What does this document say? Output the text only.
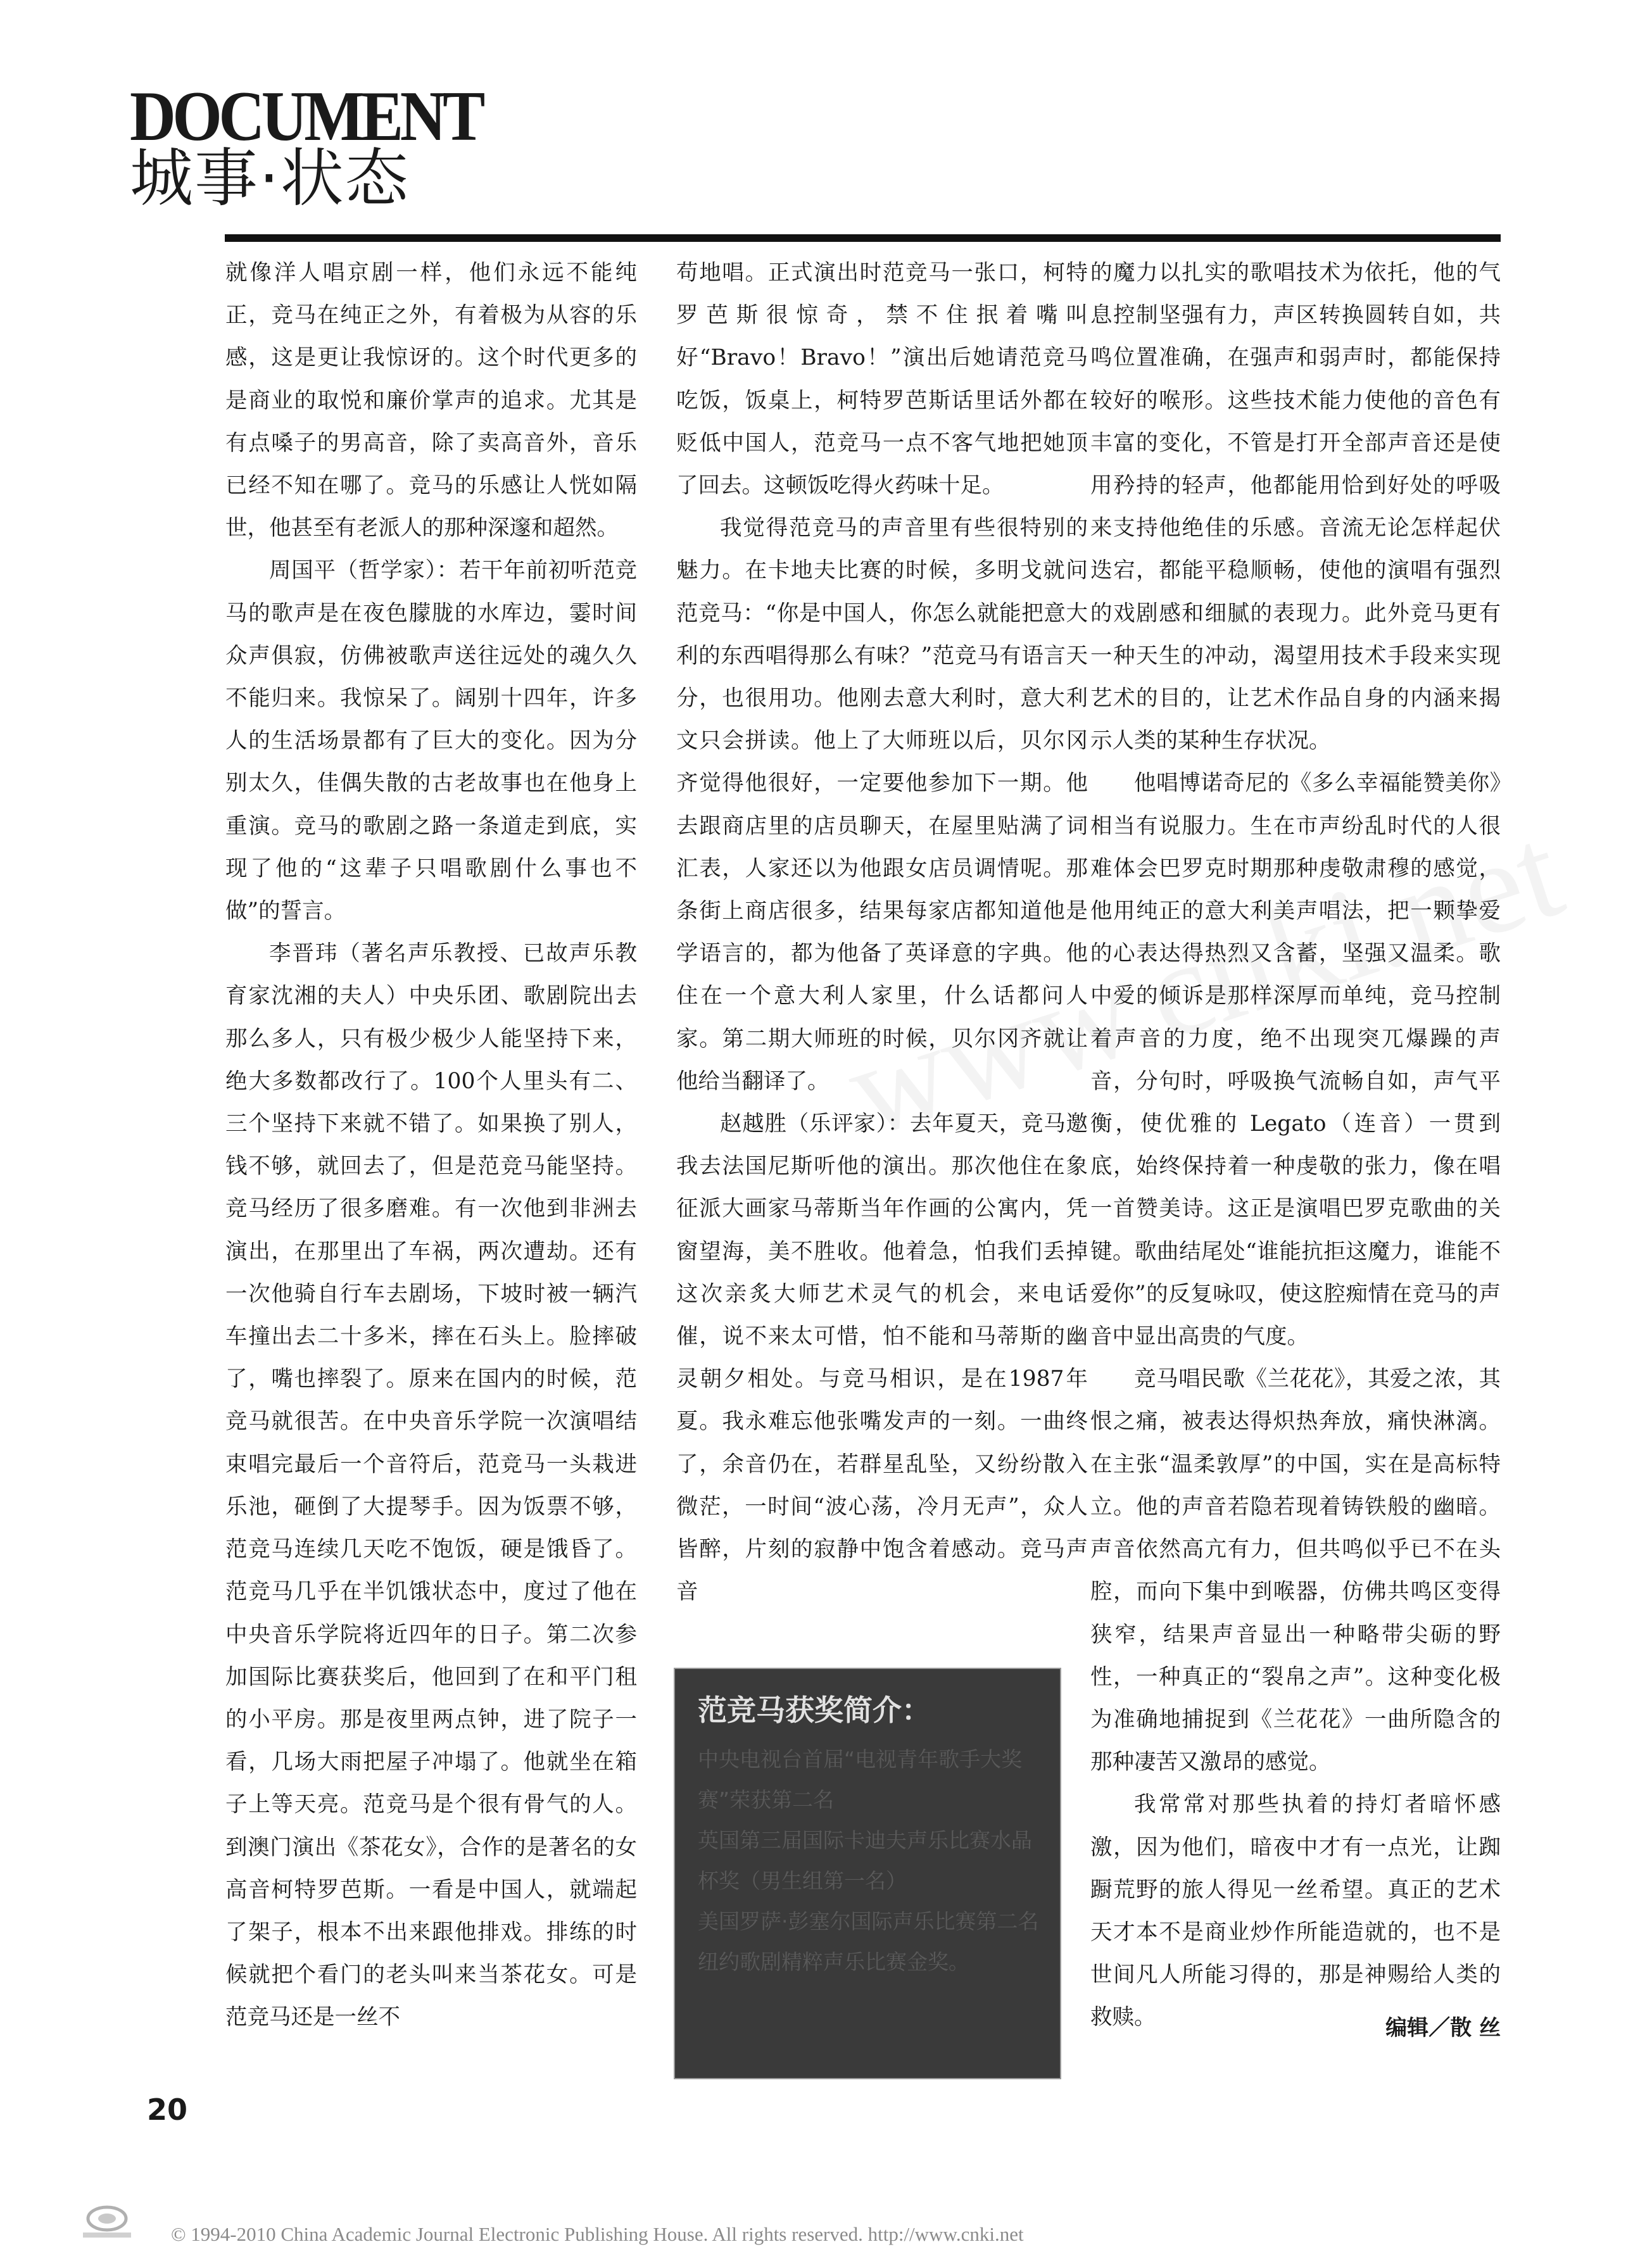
DOCUMENT
城事·状态

就像洋人唱京剧一样，他们永远不能纯正，竞马在纯正之外，有着极为从容的乐感，这是更让我惊讶的。这个时代更多的是商业的取悦和廉价掌声的追求。尤其是有点嗓子的男高音，除了卖高音外，音乐已经不知在哪了。竞马的乐感让人恍如隔世，他甚至有老派人的那种深邃和超然。

周国平（哲学家）：若干年前初听范竞马的歌声是在夜色朦胧的水库边，霎时间众声俱寂，仿佛被歌声送往远处的魂久久不能归来。我惊呆了。阔别十四年，许多人的生活场景都有了巨大的变化。因为分别太久，佳偶失散的古老故事也在他身上重演。竞马的歌剧之路一条道走到底，实现了他的“这辈子只唱歌剧什么事也不做”的誓言。

李晋玮（著名声乐教授、已故声乐教育家沈湘的夫人）中央乐团、歌剧院出去那么多人，只有极少极少人能坚持下来，绝大多数都改行了。100个人里头有二、三个坚持下来就不错了。如果换了别人，钱不够，就回去了，但是范竞马能坚持。竞马经历了很多磨难。有一次他到非洲去演出，在那里出了车祸，两次遭劫。还有一次他骑自行车去剧场，下坡时被一辆汽车撞出去二十多米，摔在石头上。脸摔破了，嘴也摔裂了。原来在国内的时候，范竞马就很苦。在中央音乐学院一次演唱结束唱完最后一个音符后，范竞马一头栽进乐池，砸倒了大提琴手。因为饭票不够，范竞马连续几天吃不饱饭，硬是饿昏了。范竞马几乎在半饥饿状态中，度过了他在中央音乐学院将近四年的日子。第二次参加国际比赛获奖后，他回到了在和平门租的小平房。那是夜里两点钟，进了院子一看，几场大雨把屋子冲塌了。他就坐在箱子上等天亮。范竞马是个很有骨气的人。到澳门演出《茶花女》，合作的是著名的女高音柯特罗芭斯。一看是中国人，就端起了架子，根本不出来跟他排戏。排练的时候就把个看门的老头叫来当茶花女。可是范竞马还是一丝不

苟地唱。正式演出时范竞马一张口，柯特罗芭斯很惊奇，禁不住抿着嘴叫好“Bravo！Bravo！”演出后她请范竞马吃饭，饭桌上，柯特罗芭斯话里话外都在贬低中国人，范竞马一点不客气地把她顶了回去。这顿饭吃得火药味十足。

我觉得范竞马的声音里有些很特别的魅力。在卡地夫比赛的时候，多明戈就问范竞马：“你是中国人，你怎么就能把意大利的东西唱得那么有味？”范竞马有语言天分，也很用功。他刚去意大利时，意大利文只会拼读。他上了大师班以后，贝尔冈齐觉得他很好，一定要他参加下一期。他去跟商店里的店员聊天，在屋里贴满了词汇表，人家还以为他跟女店员调情呢。那条街上商店很多，结果每家店都知道他是学语言的，都为他备了英译意的字典。他住在一个意大利人家里，什么话都问人家。第二期大师班的时候，贝尔冈齐就让他给当翻译了。

赵越胜（乐评家）：去年夏天，竞马邀我去法国尼斯听他的演出。那次他住在象征派大画家马蒂斯当年作画的公寓内，凭窗望海，美不胜收。他着急，怕我们丢掉这次亲炙大师艺术灵气的机会，来电话催，说不来太可惜，怕不能和马蒂斯的幽灵朝夕相处。与竞马相识，是在1987年夏。我永难忘他张嘴发声的一刻。一曲终了，余音仍在，若群星乱坠，又纷纷散入微茫，一时间“波心荡，冷月无声”，众人皆醉，片刻的寂静中饱含着感动。竞马声音

范竞马获奖简介：
中央电视台首届“电视青年歌手大奖赛”荣获第二名
英国第三届国际卡迪夫声乐比赛水晶杯奖（男生组第一名）
美国罗萨·彭塞尔国际声乐比赛第二名
纽约歌剧精粹声乐比赛金奖。

的魔力以扎实的歌唱技术为依托，他的气息控制坚强有力，声区转换圆转自如，共鸣位置准确，在强声和弱声时，都能保持较好的喉形。这些技术能力使他的音色有丰富的变化，不管是打开全部声音还是使用矜持的轻声，他都能用恰到好处的呼吸来支持他绝佳的乐感。音流无论怎样起伏迭宕，都能平稳顺畅，使他的演唱有强烈的戏剧感和细腻的表现力。此外竞马更有一种天生的冲动，渴望用技术手段来实现艺术的目的，让艺术作品自身的内涵来揭示人类的某种生存状况。

他唱博诺奇尼的《多么幸福能赞美你》相当有说服力。生在市声纷乱时代的人很难体会巴罗克时期那种虔敬肃穆的感觉，他用纯正的意大利美声唱法，把一颗挚爱的心表达得热烈又含蓄，坚强又温柔。歌中爱的倾诉是那样深厚而单纯，竞马控制着声音的力度，绝不出现突兀爆躁的声音，分句时，呼吸换气流畅自如，声气平衡，使优雅的 Legato（连音）一贯到底，始终保持着一种虔敬的张力，像在唱一首赞美诗。这正是演唱巴罗克歌曲的关键。歌曲结尾处“谁能抗拒这魔力，谁能不爱你”的反复咏叹，使这腔痴情在竞马的声音中显出高贵的气度。

竞马唱民歌《兰花花》，其爱之浓，其恨之痛，被表达得炽热奔放，痛快淋漓。在主张“温柔敦厚”的中国，实在是高标特立。他的声音若隐若现着铸铁般的幽暗。声音依然高亢有力，但共鸣似乎已不在头腔，而向下集中到喉器，仿佛共鸣区变得狭窄，结果声音显出一种略带尖砺的野性，一种真正的“裂帛之声”。这种变化极为准确地捕捉到《兰花花》一曲所隐含的那种凄苦又激昂的感觉。

我常常对那些执着的持灯者暗怀感激，因为他们，暗夜中才有一点光，让踟蹰荒野的旅人得见一丝希望。真正的艺术天才本不是商业炒作所能造就的，也不是世间凡人所能习得的，那是神赐给人类的救赎。	编辑／散 丝
20
© 1994-2010 China Academic Journal Electronic Publishing House. All rights reserved. http://www.cnki.net
